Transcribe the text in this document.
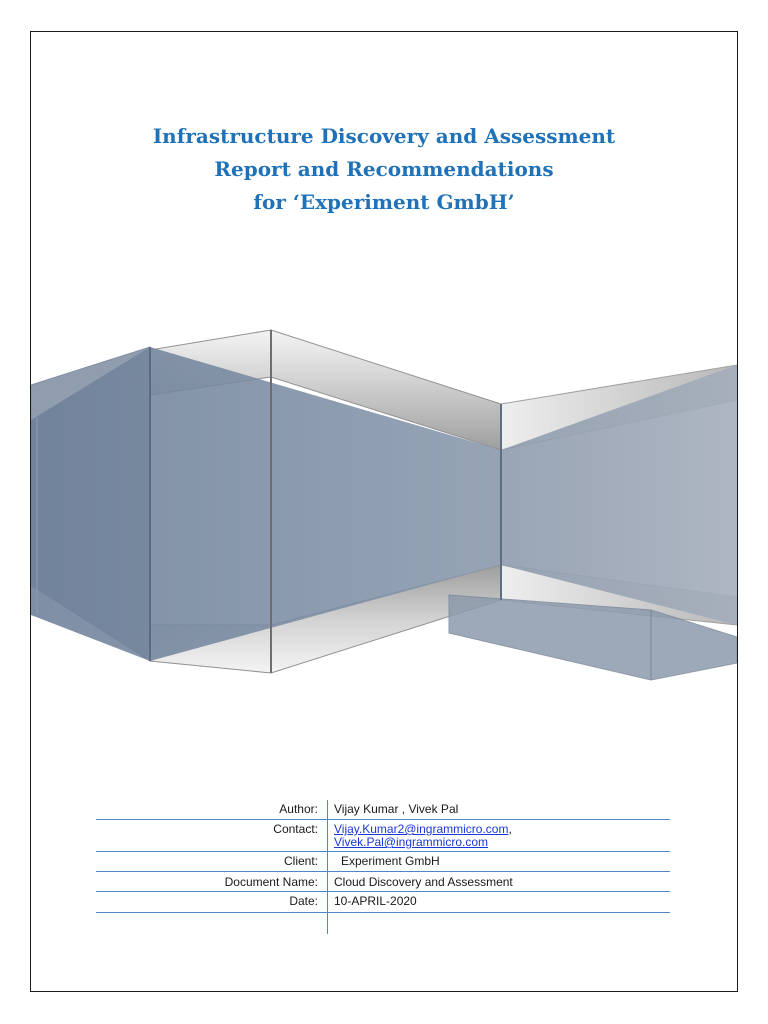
Infrastructure Discovery and Assessment
Report and Recommendations
for ‘Experiment GmbH’
Author: Vijay Kumar , Vivek Pal
Contact: Vijay.Kumar2@ingrammicro.com,
Vivek.Pal@ingrammicro.com
Client: Experiment GmbH
Document Name: Cloud Discovery and Assessment
Date: 10-APRIL-2020
